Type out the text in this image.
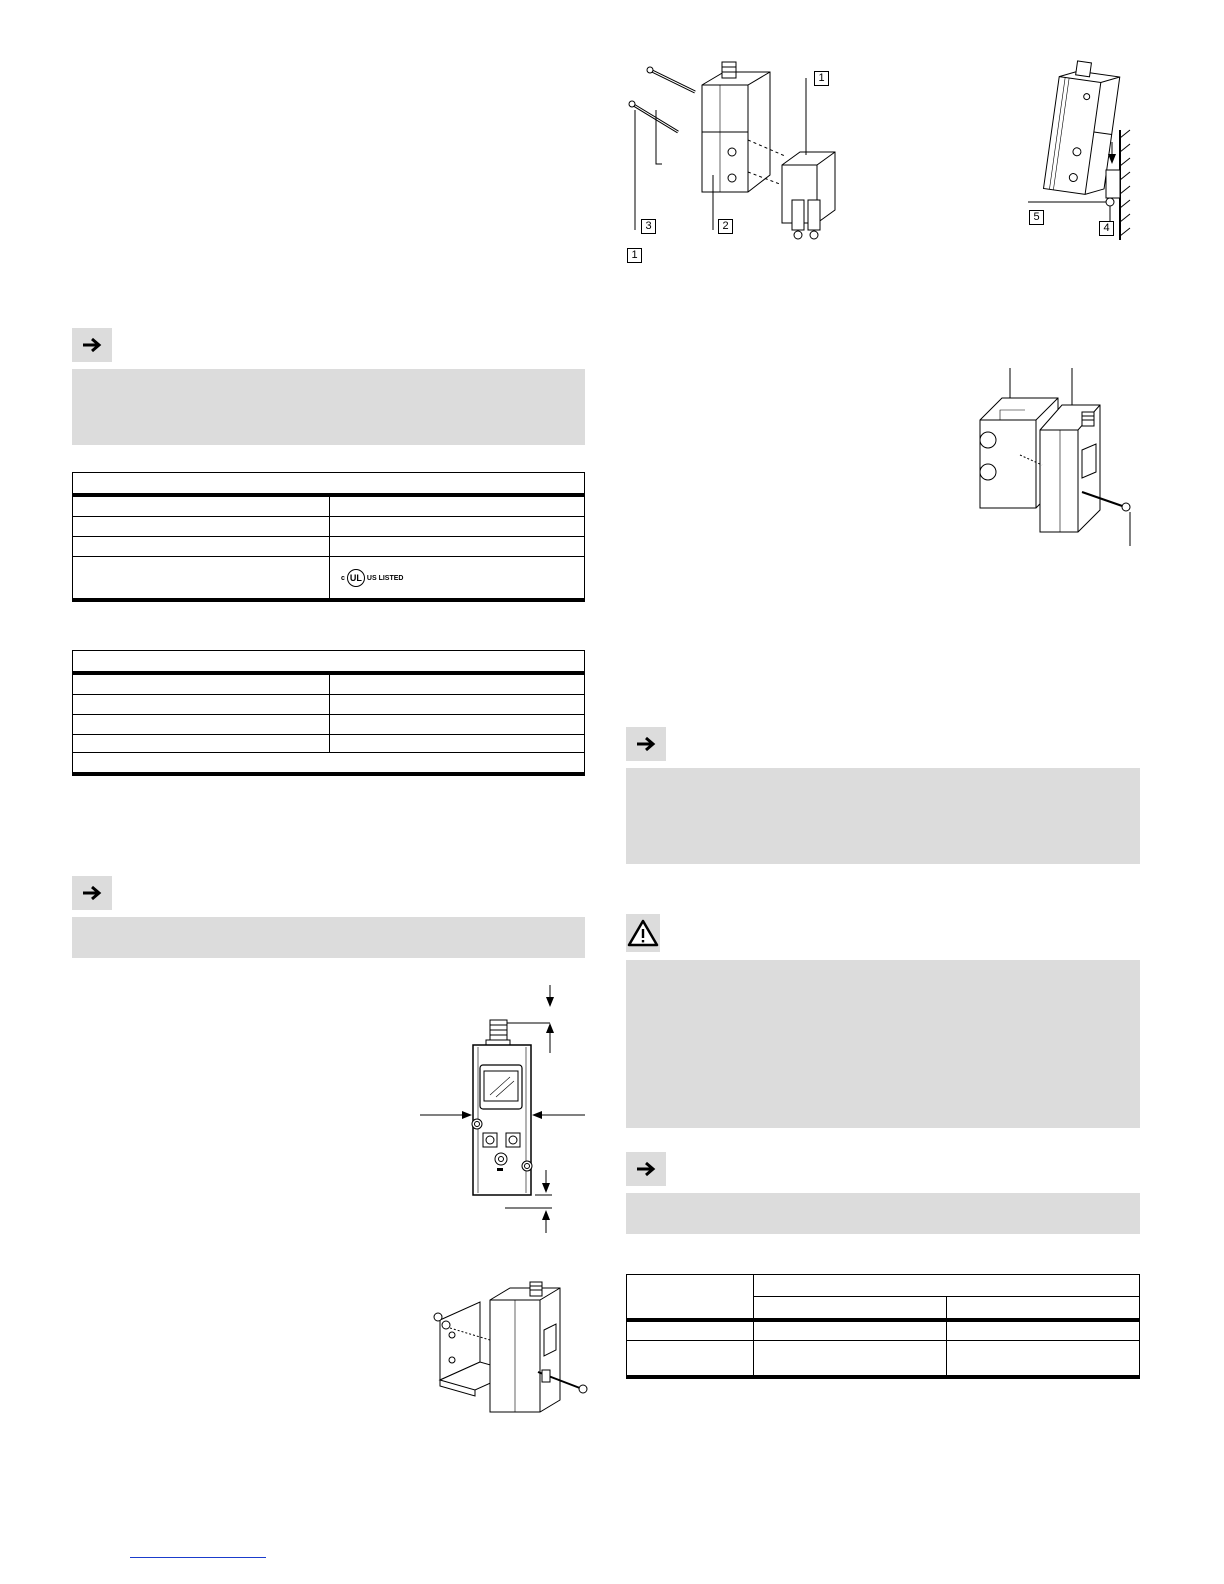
c UL US LISTED
1
3	2
1
5
4
